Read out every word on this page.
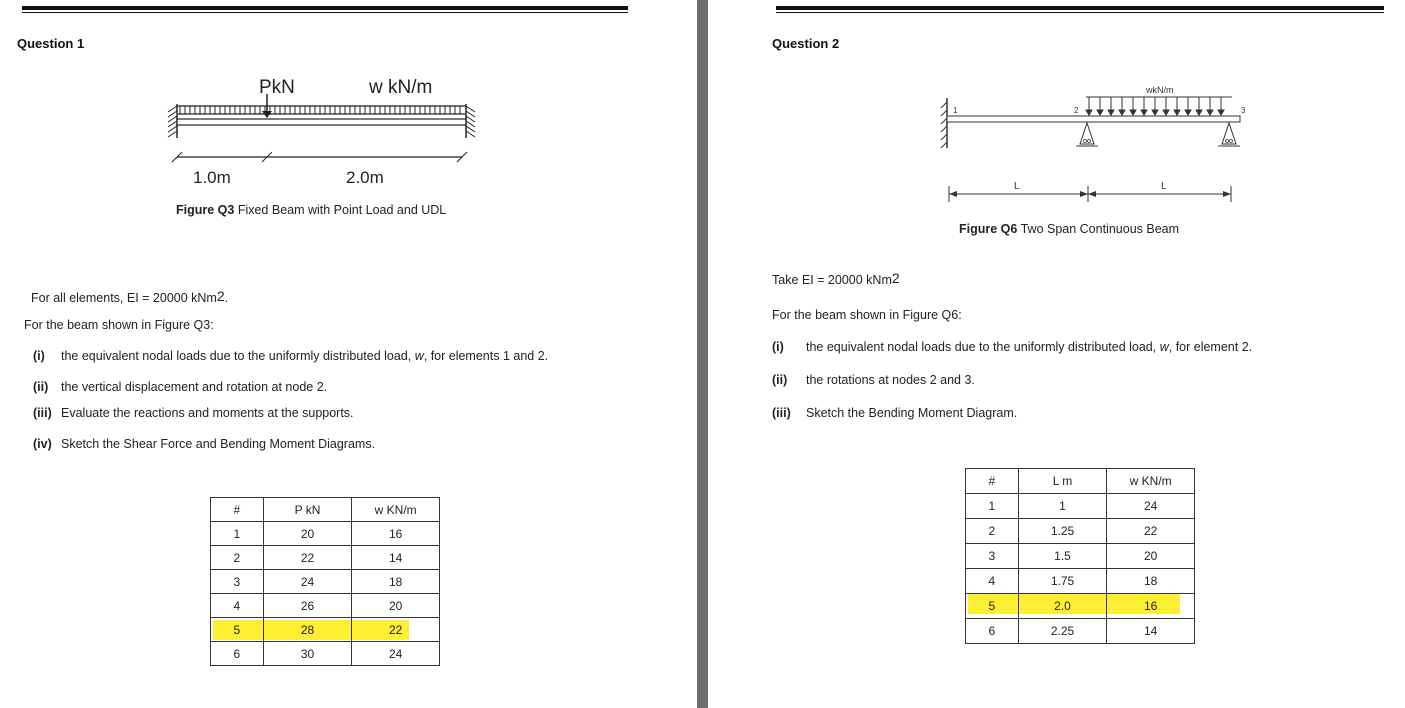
Question 1
PkN	w kN/m
1.0m	2.0m
Figure Q3 Fixed Beam with Point Load and UDL
For all elements, EI = 20000 kNm$^2$.
For the beam shown in Figure Q3:
(i) the equivalent nodal loads due to the uniformly distributed load, w, for elements 1 and 2.
(ii) the vertical displacement and rotation at node 2.
(iii) Evaluate the reactions and moments at the supports.
(iv) Sketch the Shear Force and Bending Moment Diagrams.
#	P kN	w KN/m
1	20	16
2	22	14
3	24	18
4	26	20
5	28	22
6	30	24
Question 2
wkN/m
1	2	3
L	L
Figure Q6 Two Span Continuous Beam
Take EI = 20000 kNm$^2$
For the beam shown in Figure Q6:
(i) the equivalent nodal loads due to the uniformly distributed load, w, for element 2.
(ii) the rotations at nodes 2 and 3.
(iii) Sketch the Bending Moment Diagram.
#	L m	w KN/m
1	1	24
2	1.25	22
3	1.5	20
4	1.75	18
5	2.0	16
6	2.25	14
